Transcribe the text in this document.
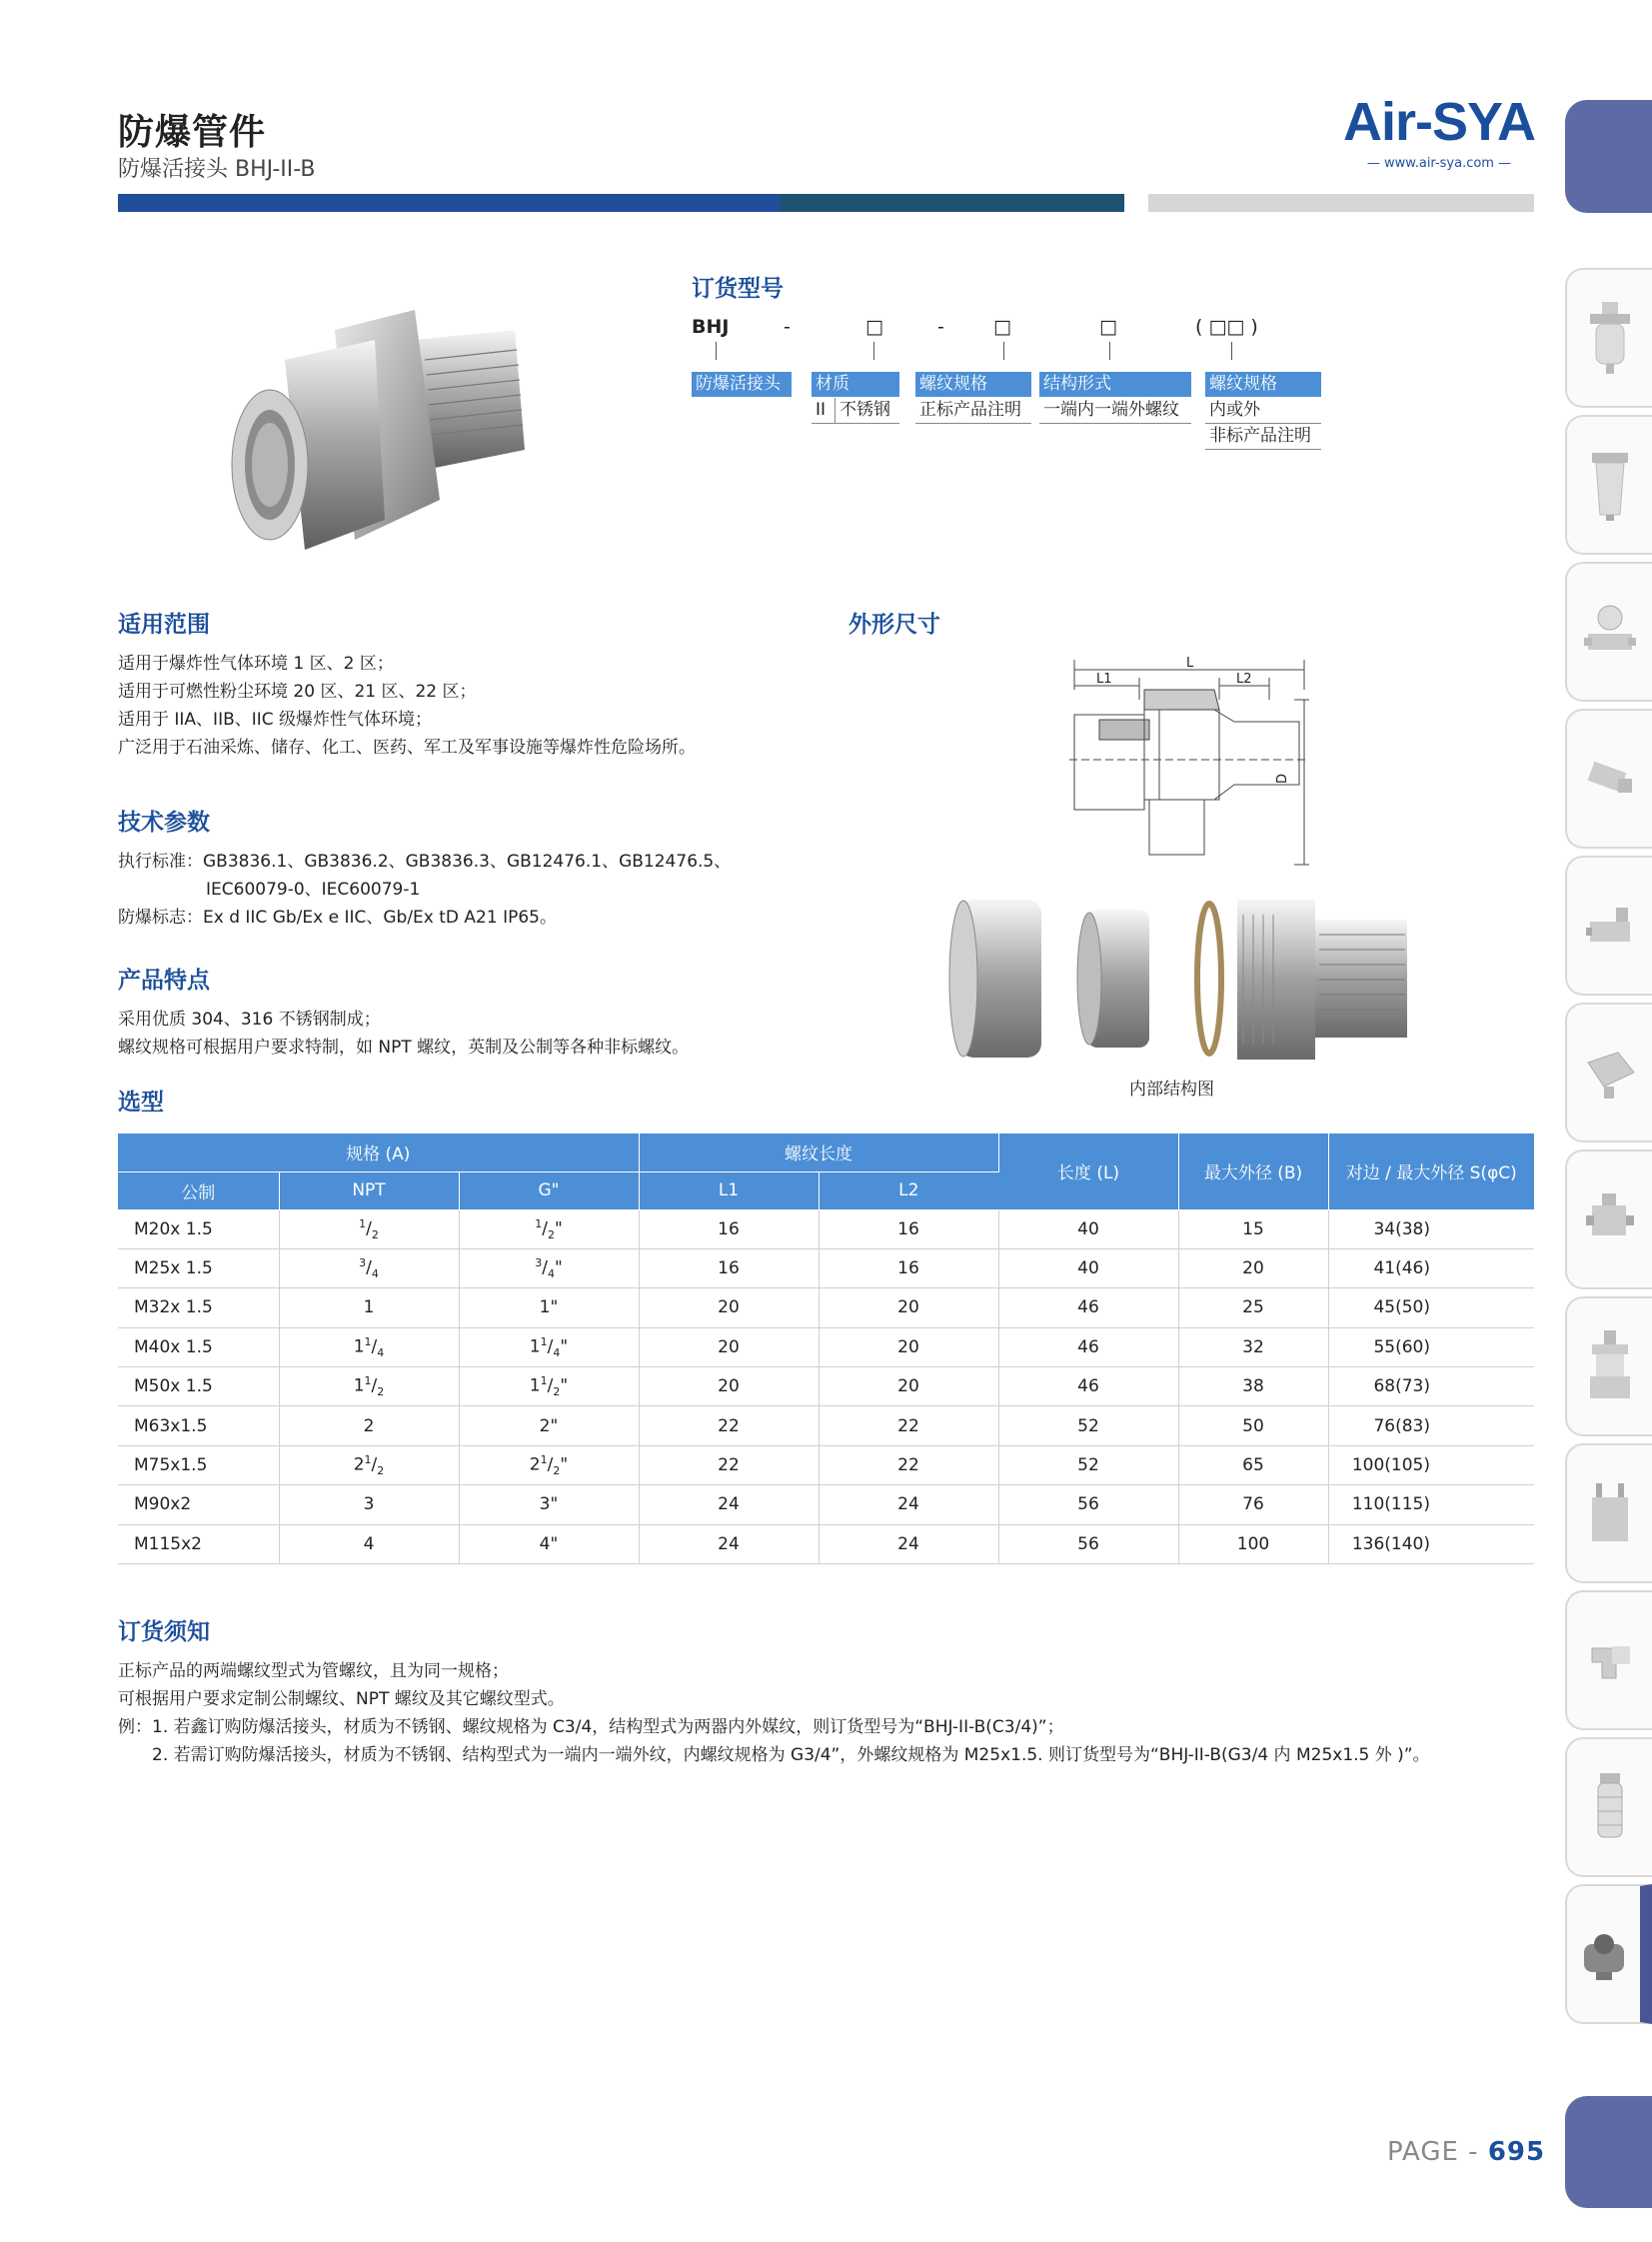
防爆管件
防爆活接头 BHJ-II-B
Air-SYA
— www.air-sya.com —
订货型号
BHJ	-	□	-	□	□	( □□ )
防爆活接头	材质	螺纹规格	结构形式	螺纹规格
II 不锈钢	正标产品注明	一端内一端外螺纹	内或外
非标产品注明
适用范围
适用于爆炸性气体环境 1 区、2 区；
适用于可燃性粉尘环境 20 区、21 区、22 区；
适用于 IIA、IIB、IIC 级爆炸性气体环境；
广泛用于石油采炼、储存、化工、医药、军工及军事设施等爆炸性危险场所。
技术参数
执行标准：GB3836.1、GB3836.2、GB3836.3、GB12476.1、GB12476.5、
IEC60079-0、IEC60079-1
防爆标志：Ex d IIC Gb/Ex e IIC、Gb/Ex tD A21 IP65。
产品特点
采用优质 304、316 不锈钢制成；
螺纹规格可根据用户要求特制，如 NPT 螺纹，英制及公制等各种非标螺纹。
外形尺寸
L
L1	L2
D
内部结构图
选型
规格 (A)			螺纹长度		长度 (L)	最大外径 (B)	对边 / 最大外径 S(φC)
公制	NPT	G"	L1	L2			
M20x 1.5	$^1/_2$	$^1/_2$"	16	16	40	15	34(38)
M25x 1.5	$^3/_4$	$^3/_4$"	16	16	40	20	41(46)
M32x 1.5	1	1"	20	20	46	25	45(50)
M40x 1.5	$1^1/_4$	$1^1/_4$"	20	20	46	32	55(60)
M50x 1.5	$1^1/_2$	$1^1/_2$"	20	20	46	38	68(73)
M63x1.5	2	2"	22	22	52	50	76(83)
M75x1.5	$2^1/_2$	$2^1/_2$"	22	22	52	65	100(105)
M90x2	3	3"	24	24	56	76	110(115)
M115x2	4	4"	24	24	56	100	136(140)
订货须知
正标产品的两端螺纹型式为管螺纹，且为同一规格；
可根据用户要求定制公制螺纹、NPT 螺纹及其它螺纹型式。
例：1. 若鑫订购防爆活接头，材质为不锈钢、螺纹规格为 C3/4，结构型式为两器内外媒纹，则订货型号为“BHJ-II-B(C3/4)”；
2. 若需订购防爆活接头，材质为不锈钢、结构型式为一端内一端外纹，内螺纹规格为 G3/4”，外螺纹规格为 M25x1.5. 则订货型号为“BHJ-II-B(G3/4 内 M25x1.5 外 )”。
PAGE - 695
